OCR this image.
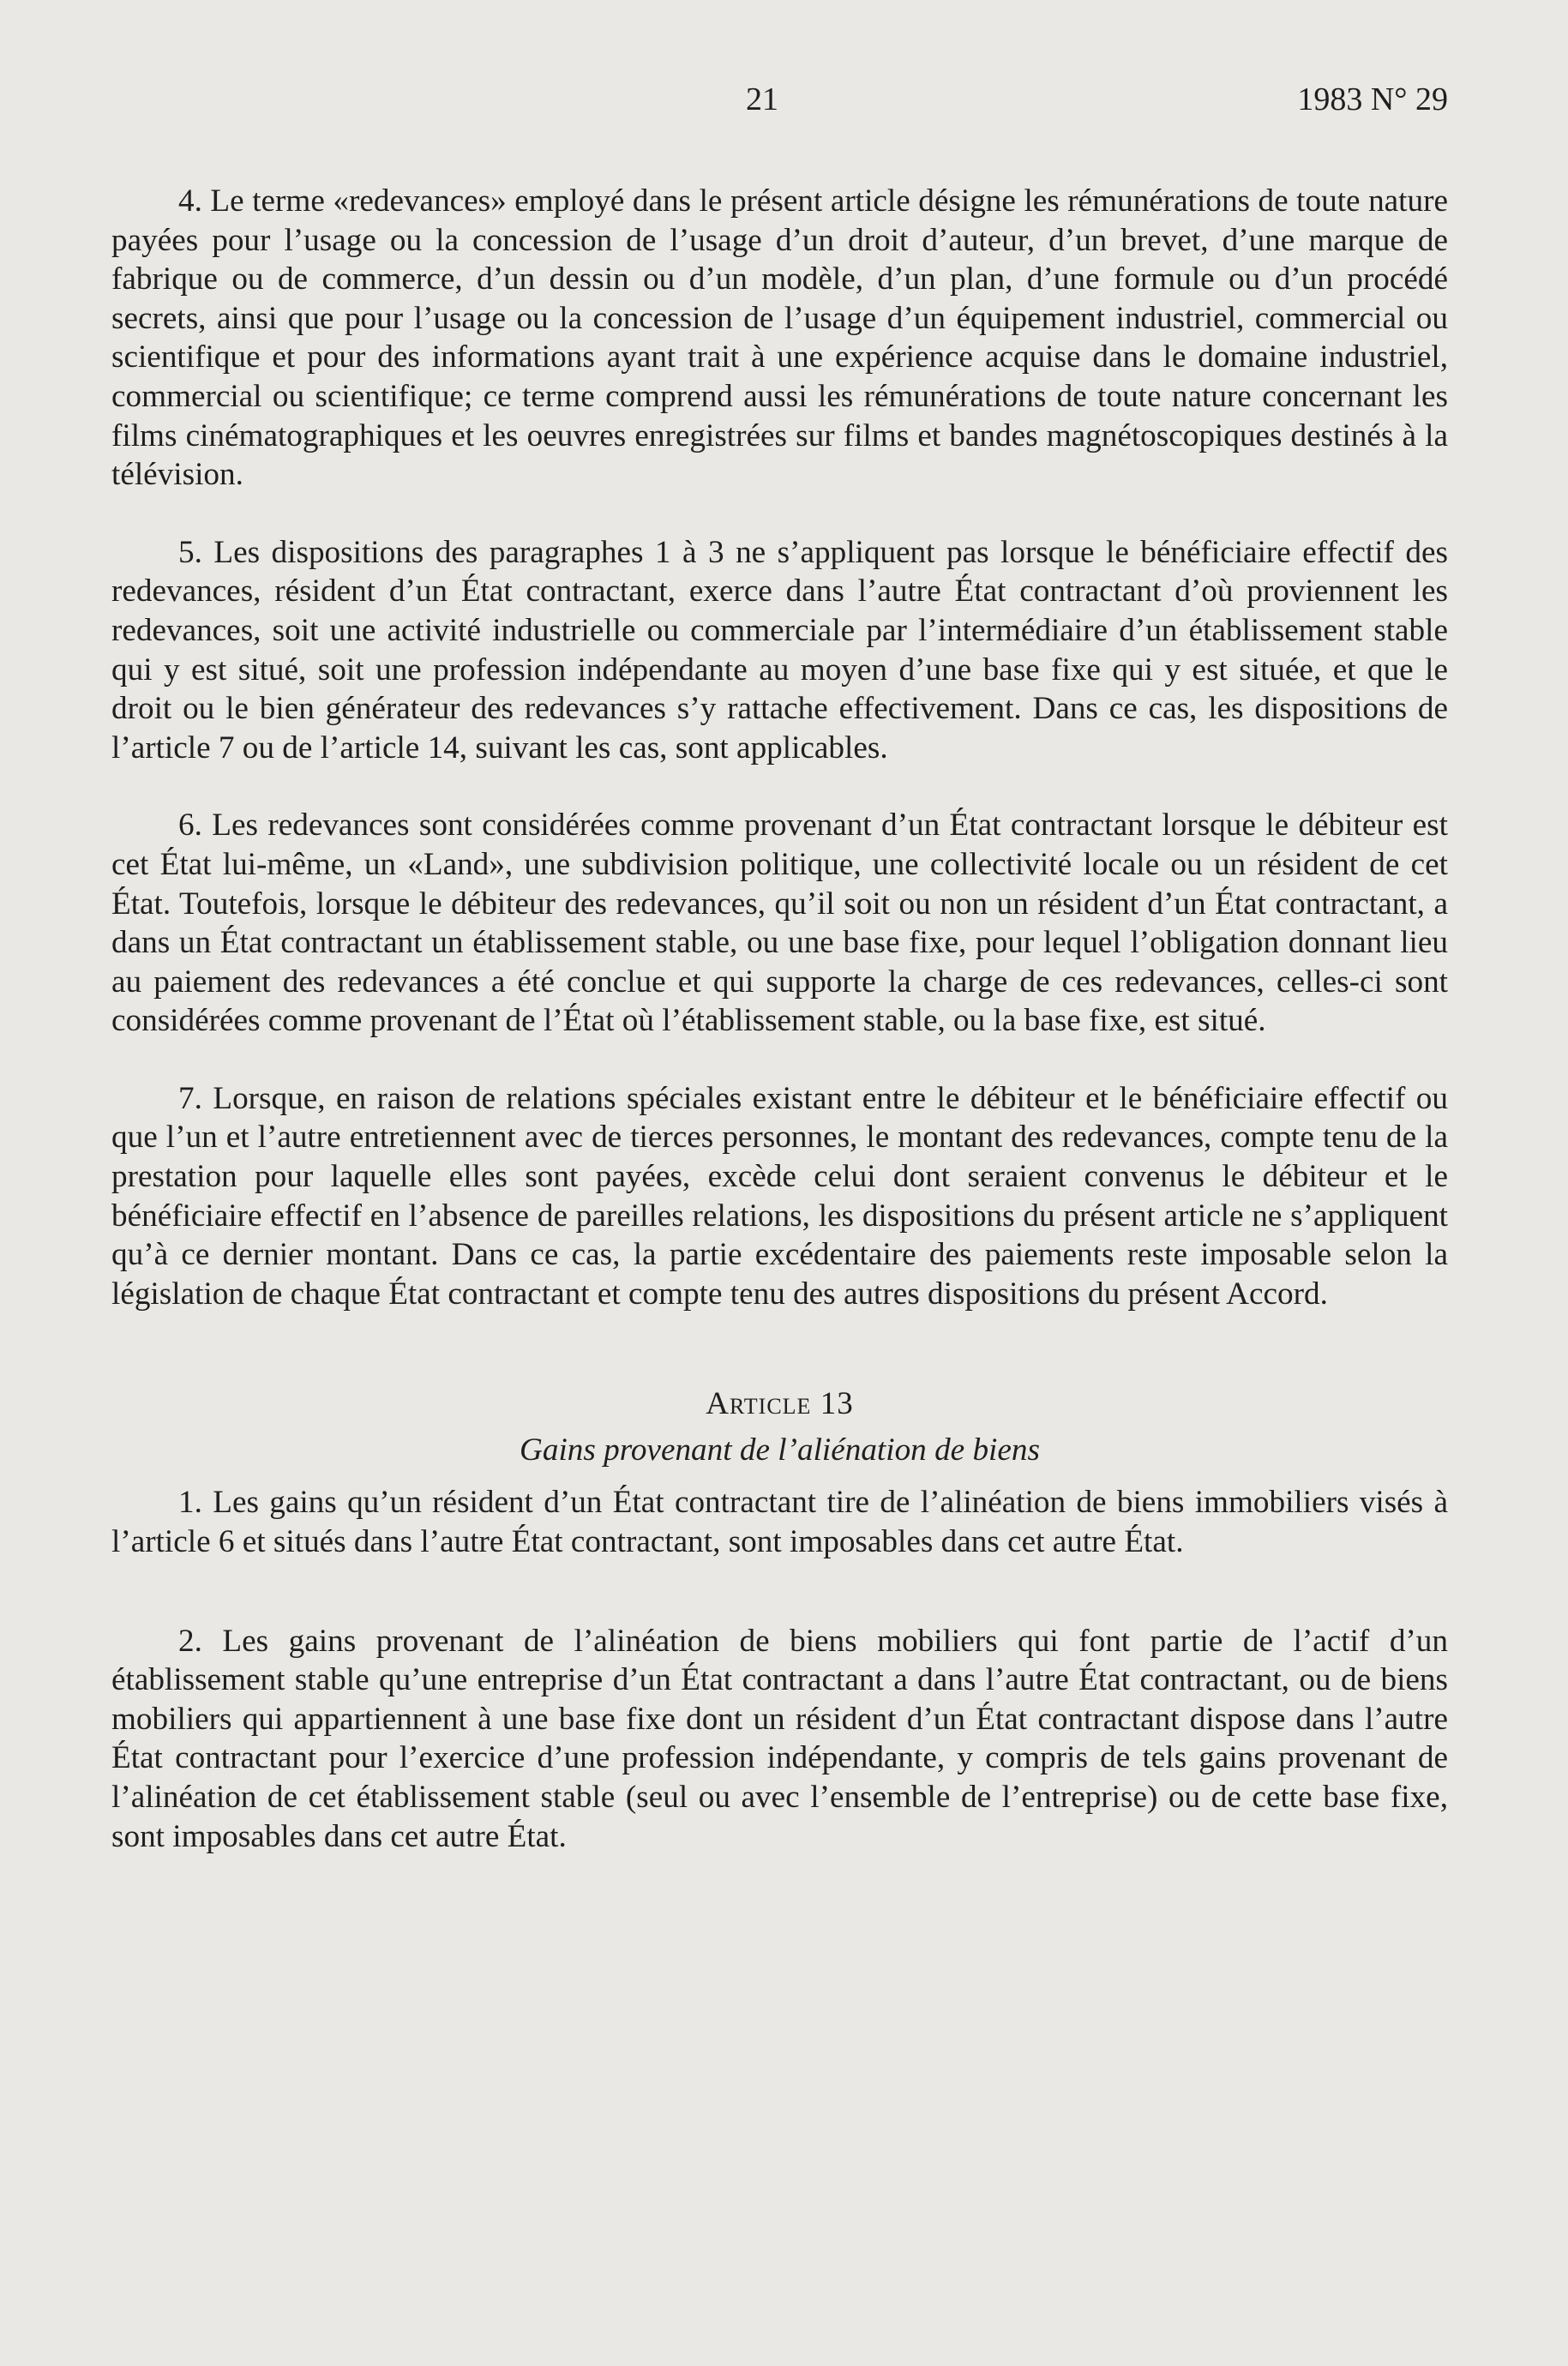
21	1983 N° 29

4. Le terme «redevances» employé dans le présent article désigne les rémunérations de toute nature payées pour l’usage ou la concession de l’usage d’un droit d’auteur, d’un brevet, d’une marque de fabrique ou de commerce, d’un dessin ou d’un modèle, d’un plan, d’une formule ou d’un procédé secrets, ainsi que pour l’usage ou la concession de l’usage d’un équipement industriel, commercial ou scientifique et pour des informations ayant trait à une expérience acquise dans le domaine industriel, commercial ou scientifique; ce terme comprend aussi les rémunérations de toute nature concernant les films cinématographiques et les oeuvres enregistrées sur films et bandes magnétoscopiques destinés à la télévision.

5. Les dispositions des paragraphes 1 à 3 ne s’appliquent pas lorsque le bénéficiaire effectif des redevances, résident d’un État contractant, exerce dans l’autre État contractant d’où proviennent les redevances, soit une activité industrielle ou commerciale par l’intermédiaire d’un établissement stable qui y est situé, soit une profession indépendante au moyen d’une base fixe qui y est située, et que le droit ou le bien générateur des redevances s’y rattache effectivement. Dans ce cas, les dispositions de l’article 7 ou de l’article 14, suivant les cas, sont applicables.

6. Les redevances sont considérées comme provenant d’un État contractant lorsque le débiteur est cet État lui-même, un «Land», une subdivision politique, une collectivité locale ou un résident de cet État. Toutefois, lorsque le débiteur des redevances, qu’il soit ou non un résident d’un État contractant, a dans un État contractant un établissement stable, ou une base fixe, pour lequel l’obligation donnant lieu au paiement des redevances a été conclue et qui supporte la charge de ces redevances, celles-ci sont considérées comme provenant de l’État où l’établissement stable, ou la base fixe, est situé.

7. Lorsque, en raison de relations spéciales existant entre le débiteur et le bénéficiaire effectif ou que l’un et l’autre entretiennent avec de tierces personnes, le montant des redevances, compte tenu de la prestation pour laquelle elles sont payées, excède celui dont seraient convenus le débiteur et le bénéficiaire effectif en l’absence de pareilles relations, les dispositions du présent article ne s’appliquent qu’à ce dernier montant. Dans ce cas, la partie excédentaire des paiements reste imposable selon la législation de chaque État contractant et compte tenu des autres dispositions du présent Accord.

Article 13
Gains provenant de l’aliénation de biens

1. Les gains qu’un résident d’un État contractant tire de l’alinéation de biens immobiliers visés à l’article 6 et situés dans l’autre État contractant, sont imposables dans cet autre État.

2. Les gains provenant de l’alinéation de biens mobiliers qui font partie de l’actif d’un établissement stable qu’une entreprise d’un État contractant a dans l’autre État contractant, ou de biens mobiliers qui appartiennent à une base fixe dont un résident d’un État contractant dispose dans l’autre État contractant pour l’exercice d’une profession indépendante, y compris de tels gains provenant de l’alinéation de cet établissement stable (seul ou avec l’ensemble de l’entreprise) ou de cette base fixe, sont imposables dans cet autre État.
